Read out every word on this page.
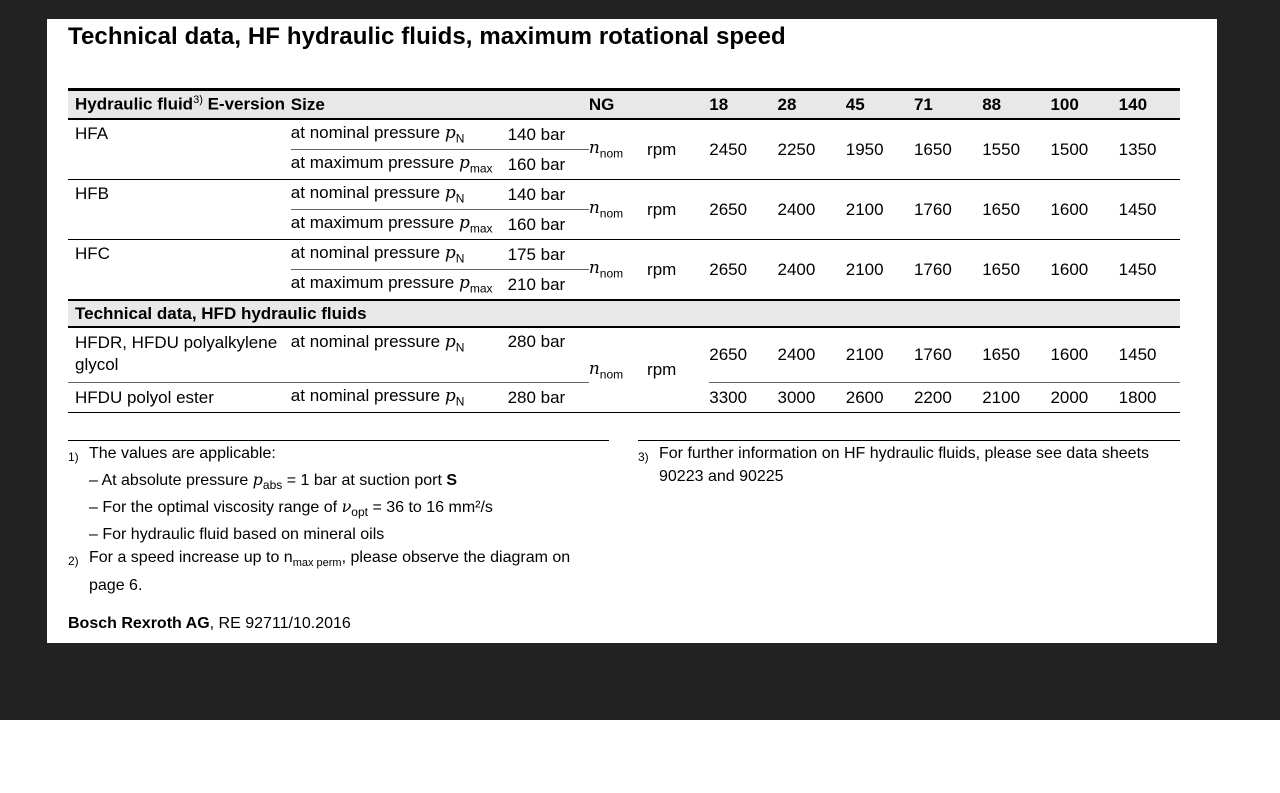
Technical data, HF hydraulic fluids, maximum rotational speed
Hydraulic fluid$^{3)}$ E-version	Size		NG		18	28	45	71	88	100	140
HFA	at nominal pressure $p_N$	140 bar	$n_{nom}$	rpm	2450	2250	1950	1650	1550	1500	1350
	at maximum pressure $p_{max}$	160 bar									
HFB	at nominal pressure $p_N$	140 bar	$n_{nom}$	rpm	2650	2400	2100	1760	1650	1600	1450
	at maximum pressure $p_{max}$	160 bar									
HFC	at nominal pressure $p_N$	175 bar	$n_{nom}$	rpm	2650	2400	2100	1760	1650	1600	1450
	at maximum pressure $p_{max}$	210 bar									
Technical data, HFD hydraulic fluids											
HFDR, HFDU polyalkylene glycol	at nominal pressure $p_N$	280 bar	$n_{nom}$	rpm	2650	2400	2100	1760	1650	1600	1450
HFDU polyol ester	at nominal pressure $p_N$	280 bar			3300	3000	2600	2200	2100	2000	1800
1) The values are applicable:
– At absolute pressure $p_{abs} = 1$ bar at suction port S
– For the optimal viscosity range of $\nu_{opt} = 36$ to 16 mm²/s
– For hydraulic fluid based on mineral oils
2) For a speed increase up to $n_{max perm}$, please observe the diagram on page 6.
3) For further information on HF hydraulic fluids, please see data sheets 90223 and 90225
Bosch Rexroth AG, RE 92711/10.2016
